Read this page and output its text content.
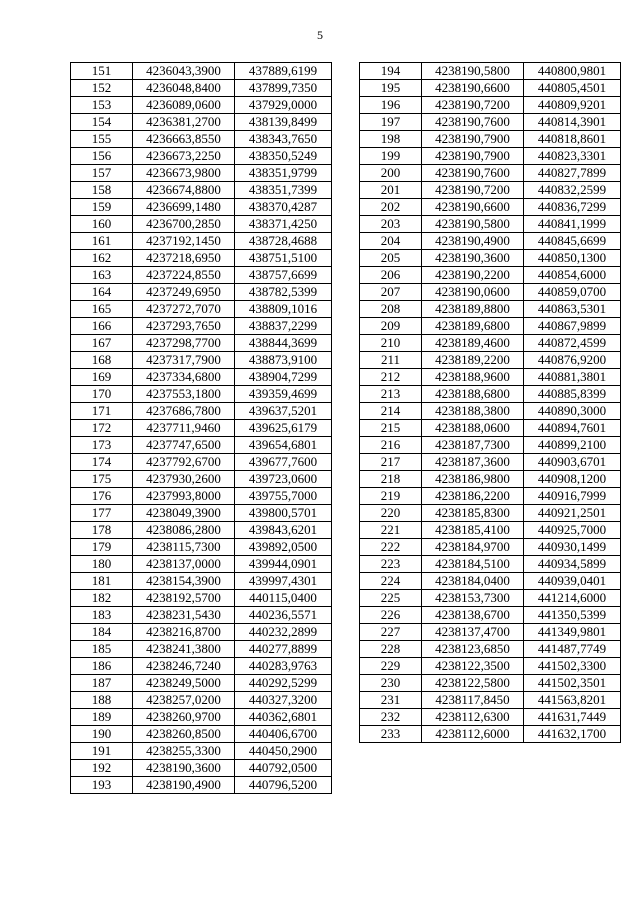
5
151	4236043,3900	437889,6199
152	4236048,8400	437899,7350
153	4236089,0600	437929,0000
154	4236381,2700	438139,8499
155	4236663,8550	438343,7650
156	4236673,2250	438350,5249
157	4236673,9800	438351,9799
158	4236674,8800	438351,7399
159	4236699,1480	438370,4287
160	4236700,2850	438371,4250
161	4237192,1450	438728,4688
162	4237218,6950	438751,5100
163	4237224,8550	438757,6699
164	4237249,6950	438782,5399
165	4237272,7070	438809,1016
166	4237293,7650	438837,2299
167	4237298,7700	438844,3699
168	4237317,7900	438873,9100
169	4237334,6800	438904,7299
170	4237553,1800	439359,4699
171	4237686,7800	439637,5201
172	4237711,9460	439625,6179
173	4237747,6500	439654,6801
174	4237792,6700	439677,7600
175	4237930,2600	439723,0600
176	4237993,8000	439755,7000
177	4238049,3900	439800,5701
178	4238086,2800	439843,6201
179	4238115,7300	439892,0500
180	4238137,0000	439944,0901
181	4238154,3900	439997,4301
182	4238192,5700	440115,0400
183	4238231,5430	440236,5571
184	4238216,8700	440232,2899
185	4238241,3800	440277,8899
186	4238246,7240	440283,9763
187	4238249,5000	440292,5299
188	4238257,0200	440327,3200
189	4238260,9700	440362,6801
190	4238260,8500	440406,6700
191	4238255,3300	440450,2900
192	4238190,3600	440792,0500
193	4238190,4900	440796,5200
194	4238190,5800	440800,9801
195	4238190,6600	440805,4501
196	4238190,7200	440809,9201
197	4238190,7600	440814,3901
198	4238190,7900	440818,8601
199	4238190,7900	440823,3301
200	4238190,7600	440827,7899
201	4238190,7200	440832,2599
202	4238190,6600	440836,7299
203	4238190,5800	440841,1999
204	4238190,4900	440845,6699
205	4238190,3600	440850,1300
206	4238190,2200	440854,6000
207	4238190,0600	440859,0700
208	4238189,8800	440863,5301
209	4238189,6800	440867,9899
210	4238189,4600	440872,4599
211	4238189,2200	440876,9200
212	4238188,9600	440881,3801
213	4238188,6800	440885,8399
214	4238188,3800	440890,3000
215	4238188,0600	440894,7601
216	4238187,7300	440899,2100
217	4238187,3600	440903,6701
218	4238186,9800	440908,1200
219	4238186,2200	440916,7999
220	4238185,8300	440921,2501
221	4238185,4100	440925,7000
222	4238184,9700	440930,1499
223	4238184,5100	440934,5899
224	4238184,0400	440939,0401
225	4238153,7300	441214,6000
226	4238138,6700	441350,5399
227	4238137,4700	441349,9801
228	4238123,6850	441487,7749
229	4238122,3500	441502,3300
230	4238122,5800	441502,3501
231	4238117,8450	441563,8201
232	4238112,6300	441631,7449
233	4238112,6000	441632,1700
